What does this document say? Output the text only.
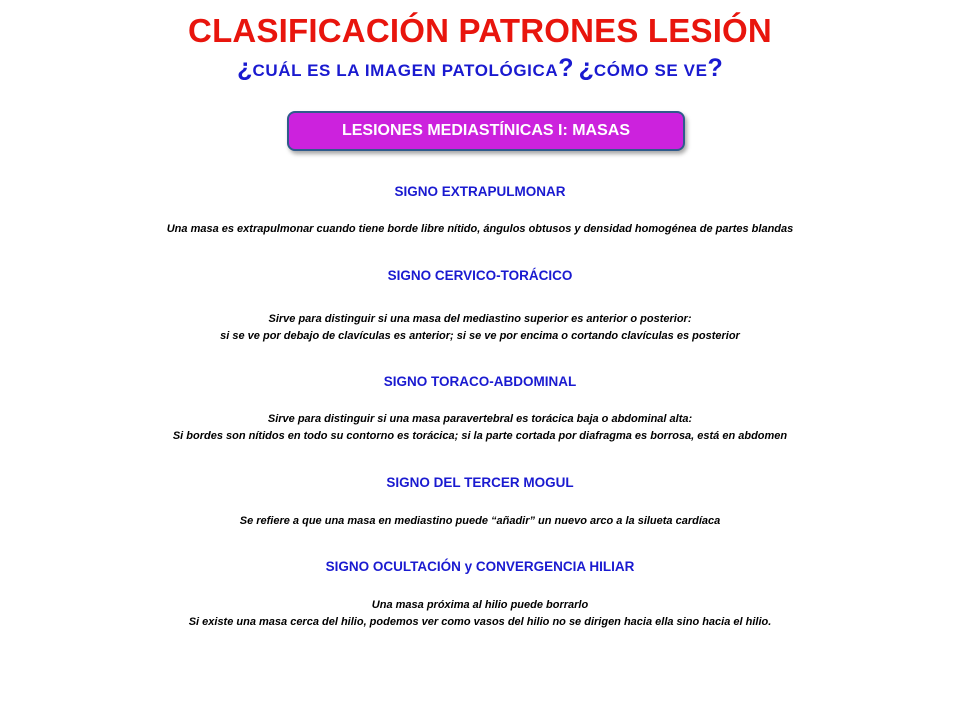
CLASIFICACIÓN PATRONES LESIÓN
¿CUÁL ES LA IMAGEN PATOLÓGICA? ¿CÓMO SE VE?
LESIONES MEDIASTÍNICAS I: MASAS

SIGNO EXTRAPULMONAR

Una masa es extrapulmonar cuando tiene borde libre nítido, ángulos obtusos y densidad homogénea de partes blandas

SIGNO CERVICO-TORÁCICO

Sirve para distinguir si una masa del mediastino superior es anterior o posterior:

si se ve por debajo de clavículas es anterior; si se ve por encima o cortando clavículas es posterior

SIGNO TORACO-ABDOMINAL

Sirve para distinguir si una masa paravertebral es torácica baja o abdominal alta:

Si bordes son nítidos en todo su contorno es torácica; si la parte cortada por diafragma es borrosa, está en abdomen

SIGNO DEL TERCER MOGUL

Se refiere a que una masa en mediastino puede “añadir” un nuevo arco a la silueta cardíaca

SIGNO OCULTACIÓN y CONVERGENCIA HILIAR

Una masa próxima al hilio puede borrarlo

Si existe una masa cerca del hilio, podemos ver como vasos del hilio no se dirigen hacia ella sino hacia el hilio.
